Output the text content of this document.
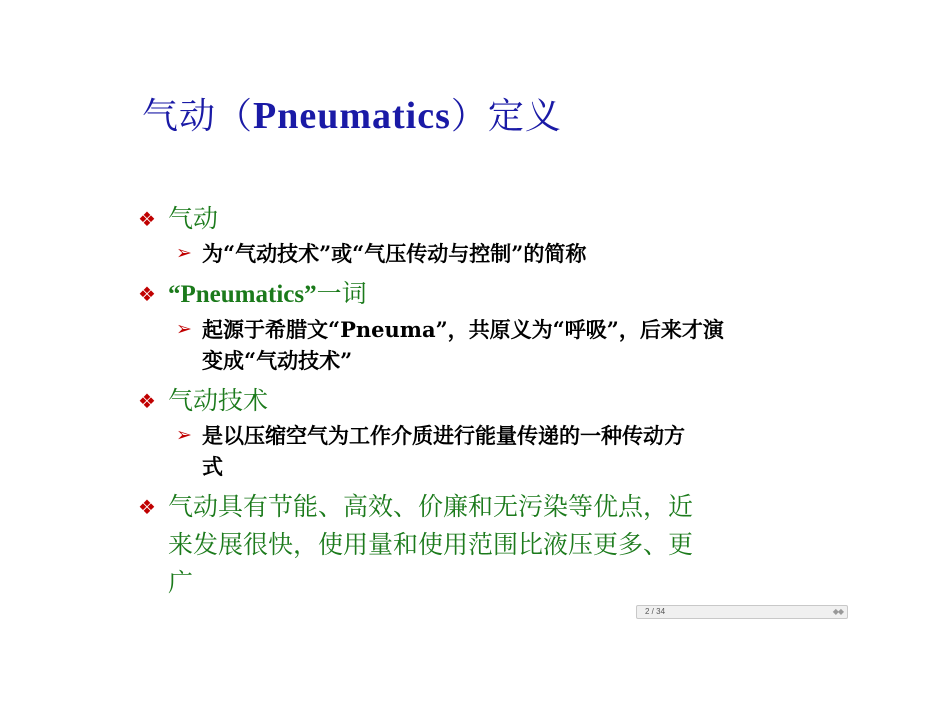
气动（Pneumatics）定义
❖ 气动
➢ 为“气动技术”或“气压传动与控制”的简称
❖ “Pneumatics”一词
➢ 起源于希腊文“Pneuma”，共原义为“呼吸”，后来才演
变成“气动技术”
❖ 气动技术
➢ 是以压缩空气为工作介质进行能量传递的一种传动方
式
❖ 气动具有节能、高效、价廉和无污染等优点，近
来发展很快，使用量和使用范围比液压更多、更
广
2 / 34	◆◆
